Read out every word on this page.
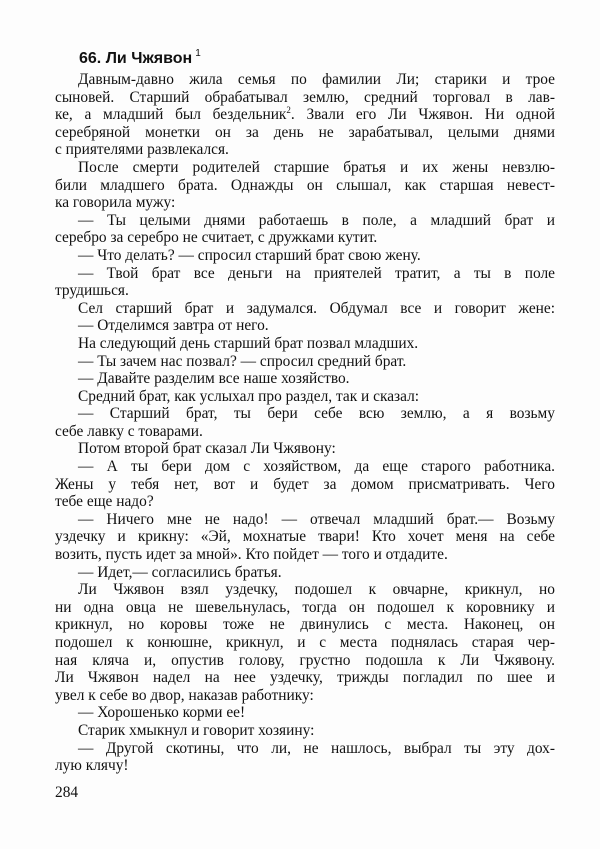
66. Ли Чжявон $^1$
Давным-давно жила семья по фамилии Ли; старики и трое
сыновей. Старший обрабатывал землю, средний торговал в лав-
ке, а младший был бездельник$^2$. Звали его Ли Чжявон. Ни одной
серебряной монетки он за день не зарабатывал, целыми днями
с приятелями развлекался.
После смерти родителей старшие братья и их жены невзлю-
били младшего брата. Однажды он слышал, как старшая невест-
ка говорила мужу:
— Ты целыми днями работаешь в поле, а младший брат и
серебро за серебро не считает, с дружками кутит.
— Что делать? — спросил старший брат свою жену.
— Твой брат все деньги на приятелей тратит, а ты в поле
трудишься.
Сел старший брат и задумался. Обдумал все и говорит жене:
— Отделимся завтра от него.
На следующий день старший брат позвал младших.
— Ты зачем нас позвал? — спросил средний брат.
— Давайте разделим все наше хозяйство.
Средний брат, как услыхал про раздел, так и сказал:
— Старший брат, ты бери себе всю землю, а я возьму
себе лавку с товарами.
Потом второй брат сказал Ли Чжявону:
— А ты бери дом с хозяйством, да еще старого работника.
Жены у тебя нет, вот и будет за домом присматривать. Чего
тебе еще надо?
— Ничего мне не надо! — отвечал младший брат.— Возьму
уздечку и крикну: «Эй, мохнатые твари! Кто хочет меня на себе
возить, пусть идет за мной». Кто пойдет — того и отдадите.
— Идет,— согласились братья.
Ли Чжявон взял уздечку, подошел к овчарне, крикнул, но
ни одна овца не шевельнулась, тогда он подошел к коровнику и
крикнул, но коровы тоже не двинулись с места. Наконец, он
подошел к конюшне, крикнул, и с места поднялась старая чер-
ная кляча и, опустив голову, грустно подошла к Ли Чжявону.
Ли Чжявон надел на нее уздечку, трижды погладил по шее и
увел к себе во двор, наказав работнику:
— Хорошенько корми ее!
Старик хмыкнул и говорит хозяину:
— Другой скотины, что ли, не нашлось, выбрал ты эту дох-
лую клячу!
284
